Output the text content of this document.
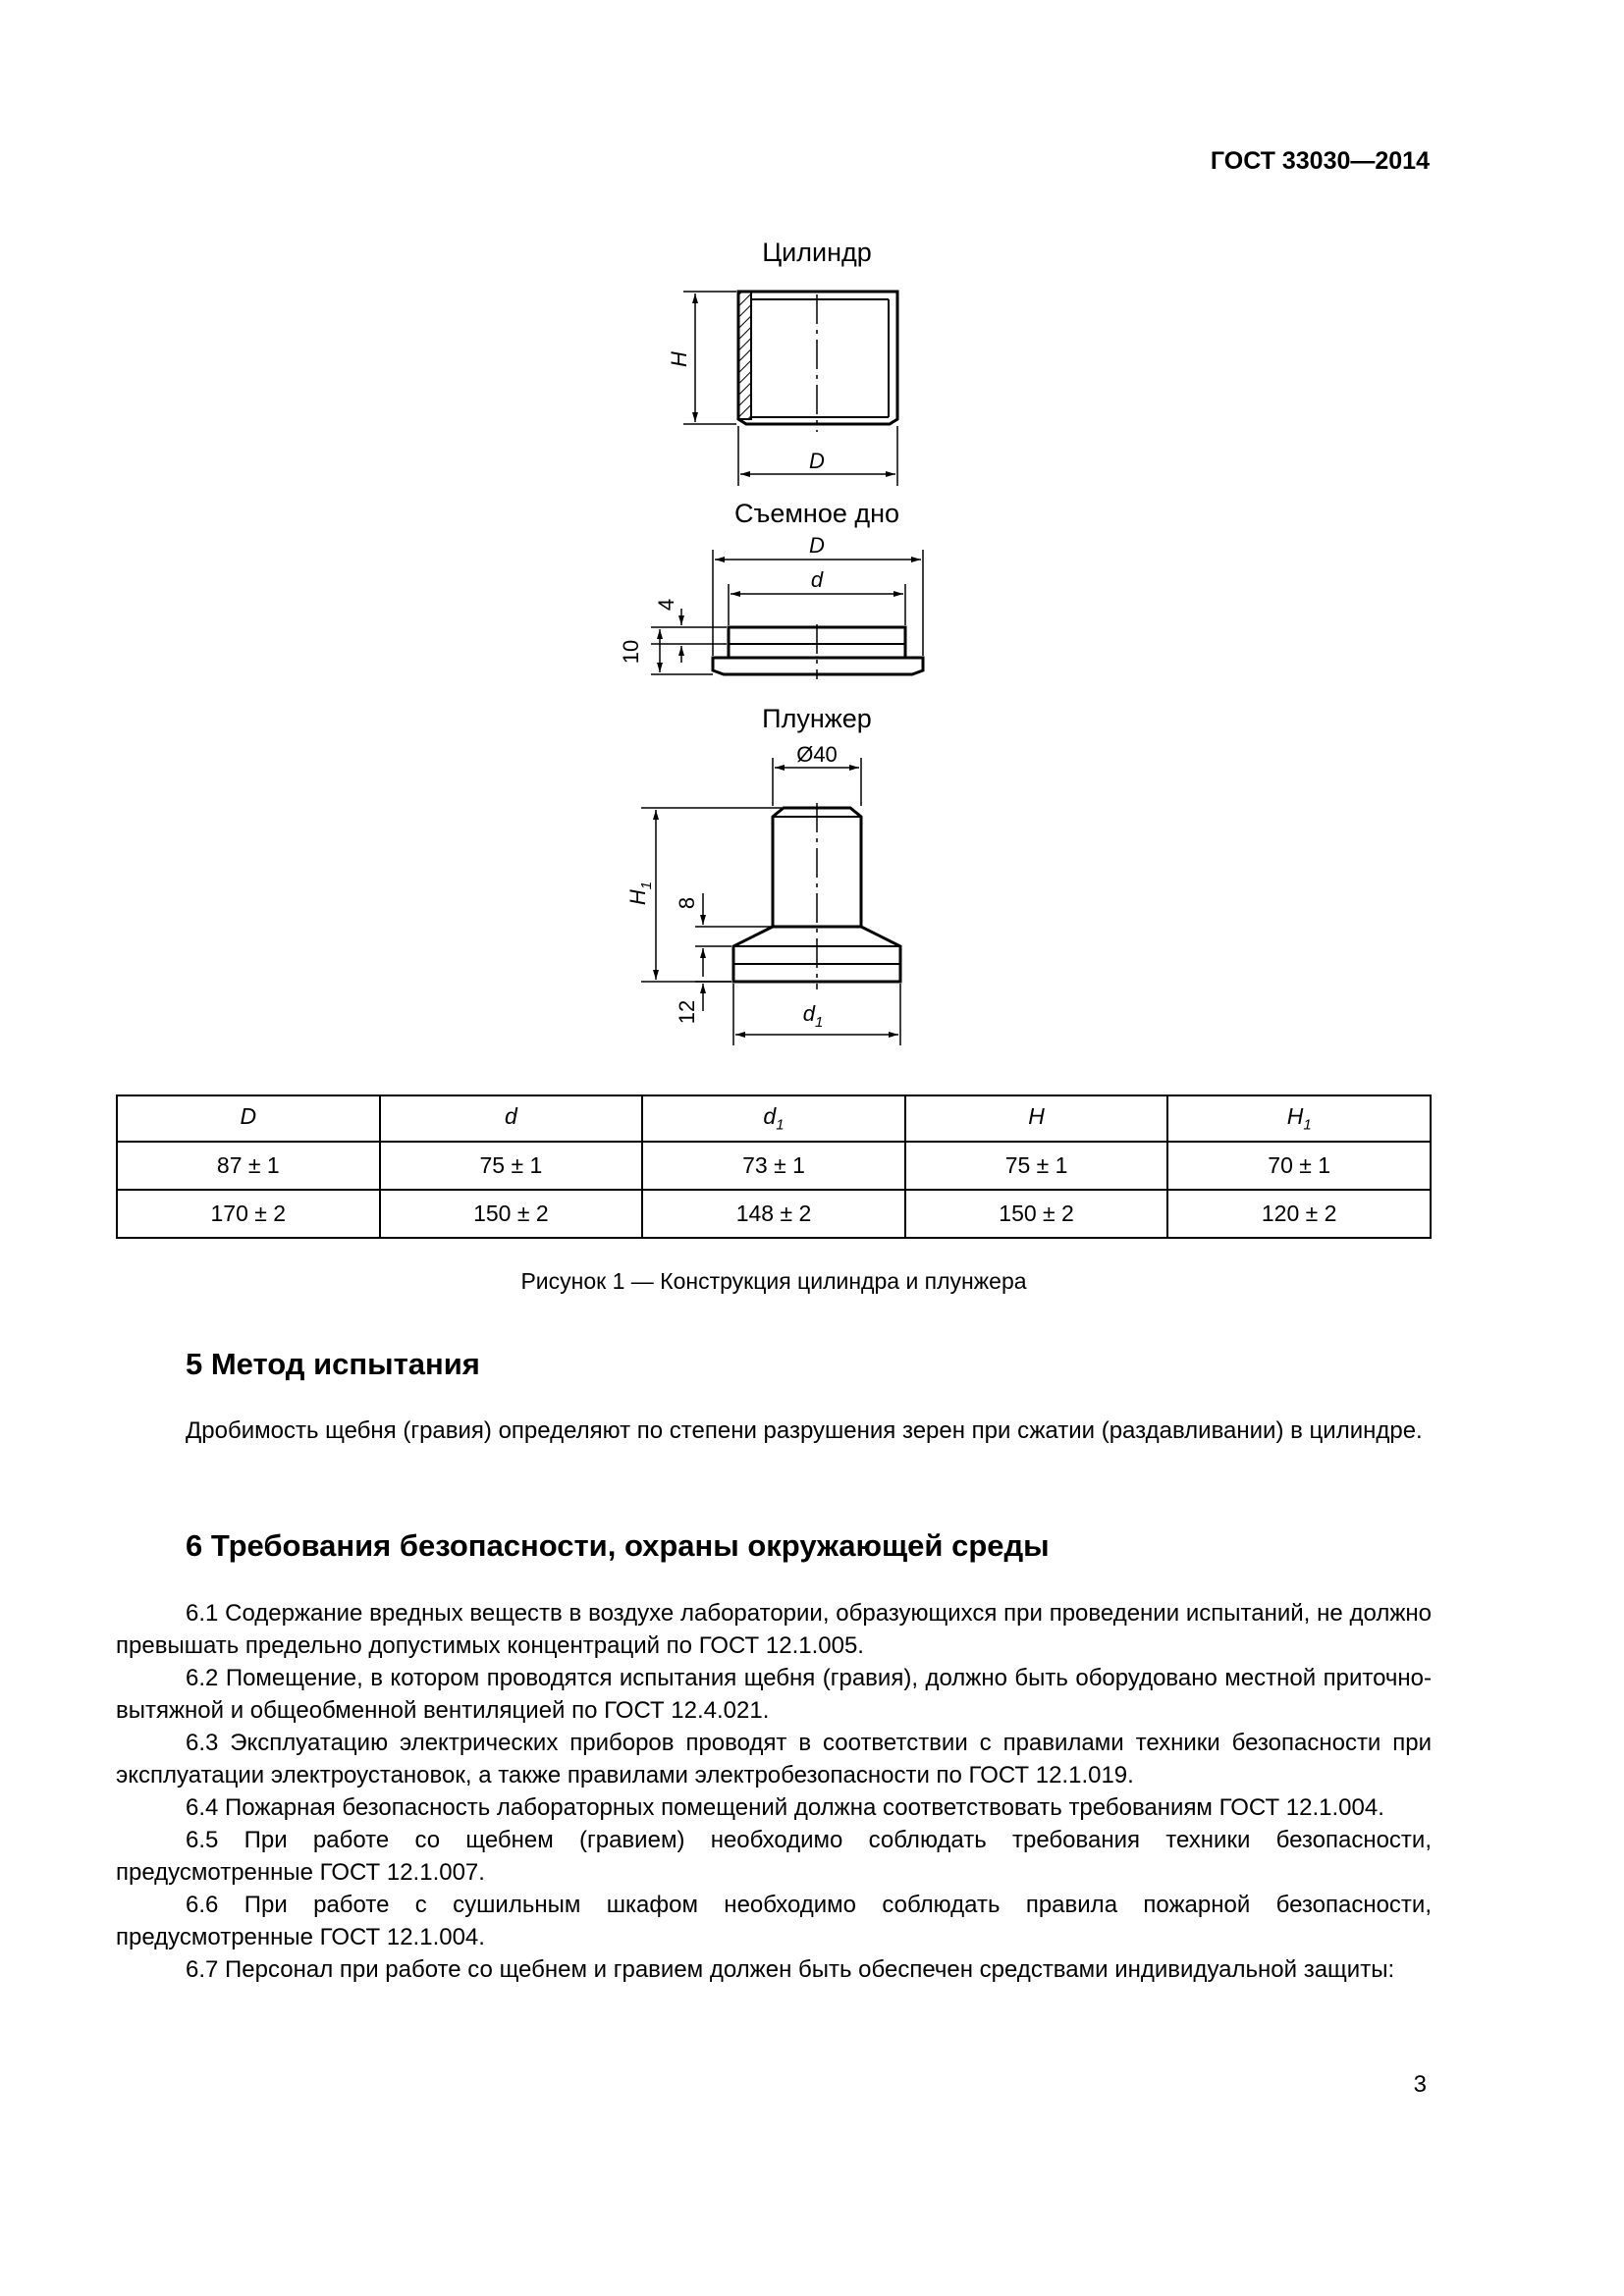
ГОСТ 33030—2014
Цилиндр
Съемное дно
Плунжер
H
D
D
d
4
10
Ø40
$H_1$
8
12	$d_1$
D	d	$d_1$	H	$H_1$
87 ± 1	75 ± 1	73 ± 1	75 ± 1	70 ± 1
170 ± 2	150 ± 2	148 ± 2	150 ± 2	120 ± 2
Рисунок 1 — Конструкция цилиндра и плунжера
5 Метод испытания

Дробимость щебня (гравия) определяют по степени разрушения зерен при сжатии (раздавливании) в цилиндре.

6 Требования безопасности, охраны окружающей среды

6.1 Содержание вредных веществ в воздухе лаборатории, образующихся при проведении испытаний, не должно превышать предельно допустимых концентраций по ГОСТ 12.1.005.

6.2 Помещение, в котором проводятся испытания щебня (гравия), должно быть оборудовано местной приточно-вытяжной и общеобменной вентиляцией по ГОСТ 12.4.021.

6.3 Эксплуатацию электрических приборов проводят в соответствии с правилами техники безопасности при эксплуатации электроустановок, а также правилами электробезопасности по ГОСТ 12.1.019.

6.4 Пожарная безопасность лабораторных помещений должна соответствовать требованиям ГОСТ 12.1.004.

6.5 При работе со щебнем (гравием) необходимо соблюдать требования техники безопасности, предусмотренные ГОСТ 12.1.007.

6.6 При работе с сушильным шкафом необходимо соблюдать правила пожарной безопасности, предусмотренные ГОСТ 12.1.004.

6.7 Персонал при работе со щебнем и гравием должен быть обеспечен средствами индивидуальной защиты:

3
